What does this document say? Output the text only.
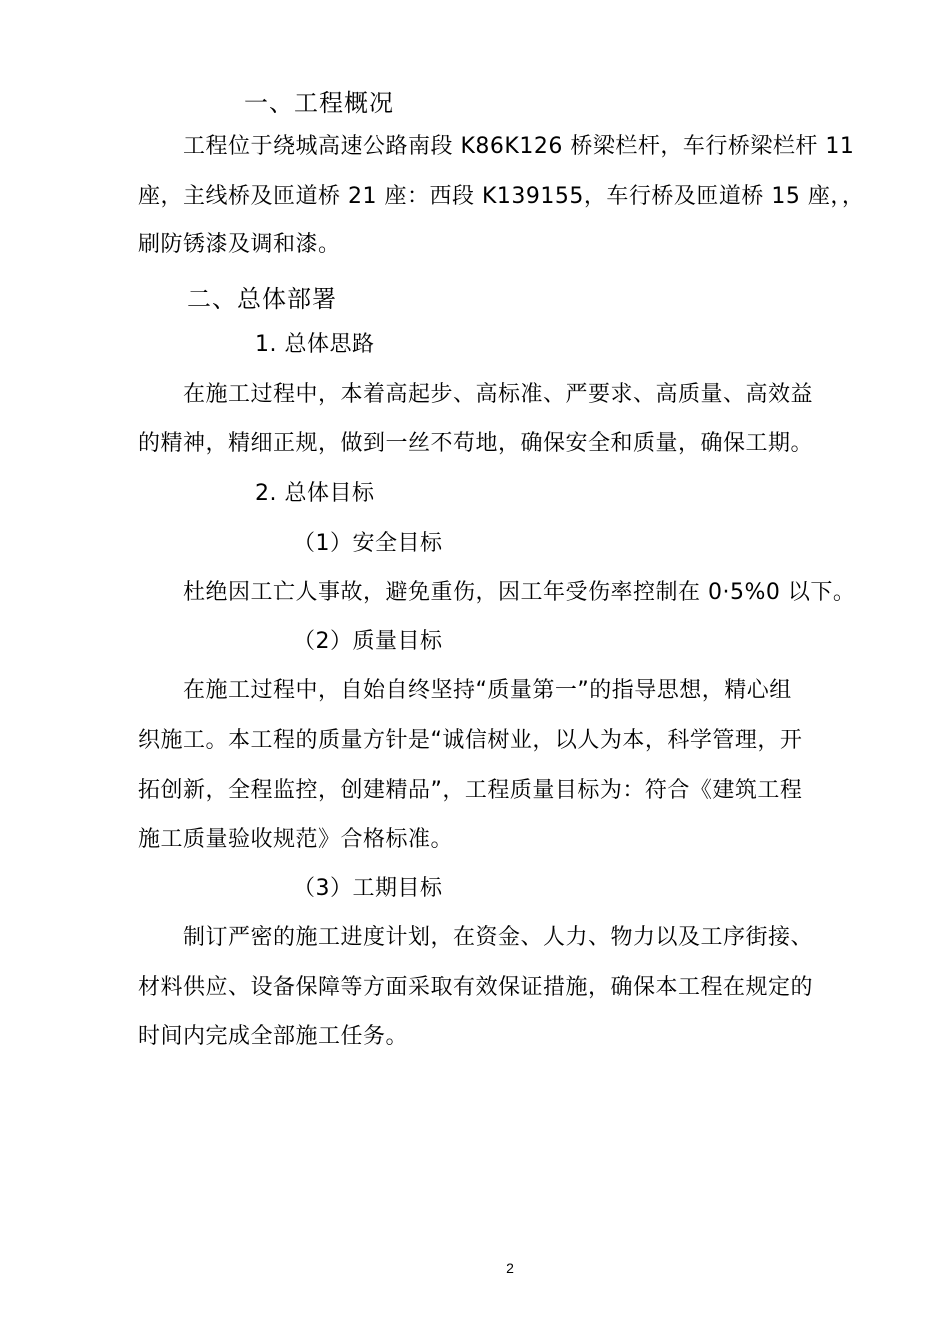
一、工程概况
工程位于绕城高速公路南段 K86K126 桥梁栏杆，车行桥梁栏杆 11
座，主线桥及匝道桥 21 座：西段 K139155，车行桥及匝道桥 15 座，，
刷防锈漆及调和漆。
二、总体部署
1. 总体思路
在施工过程中，本着高起步、高标准、严要求、高质量、高效益
的精神，精细正规，做到一丝不苟地，确保安全和质量，确保工期。
2. 总体目标
（1）安全目标
杜绝因工亡人事故，避免重伤，因工年受伤率控制在 0·5%0 以下。
（2）质量目标
在施工过程中，自始自终坚持“质量第一”的指导思想，精心组
织施工。本工程的质量方针是“诚信树业，以人为本，科学管理，开
拓创新，全程监控，创建精品”，工程质量目标为：符合《建筑工程
施工质量验收规范》合格标准。
（3）工期目标
制订严密的施工进度计划，在资金、人力、物力以及工序街接、
材料供应、设备保障等方面采取有效保证措施，确保本工程在规定的
时间内完成全部施工任务。
2
